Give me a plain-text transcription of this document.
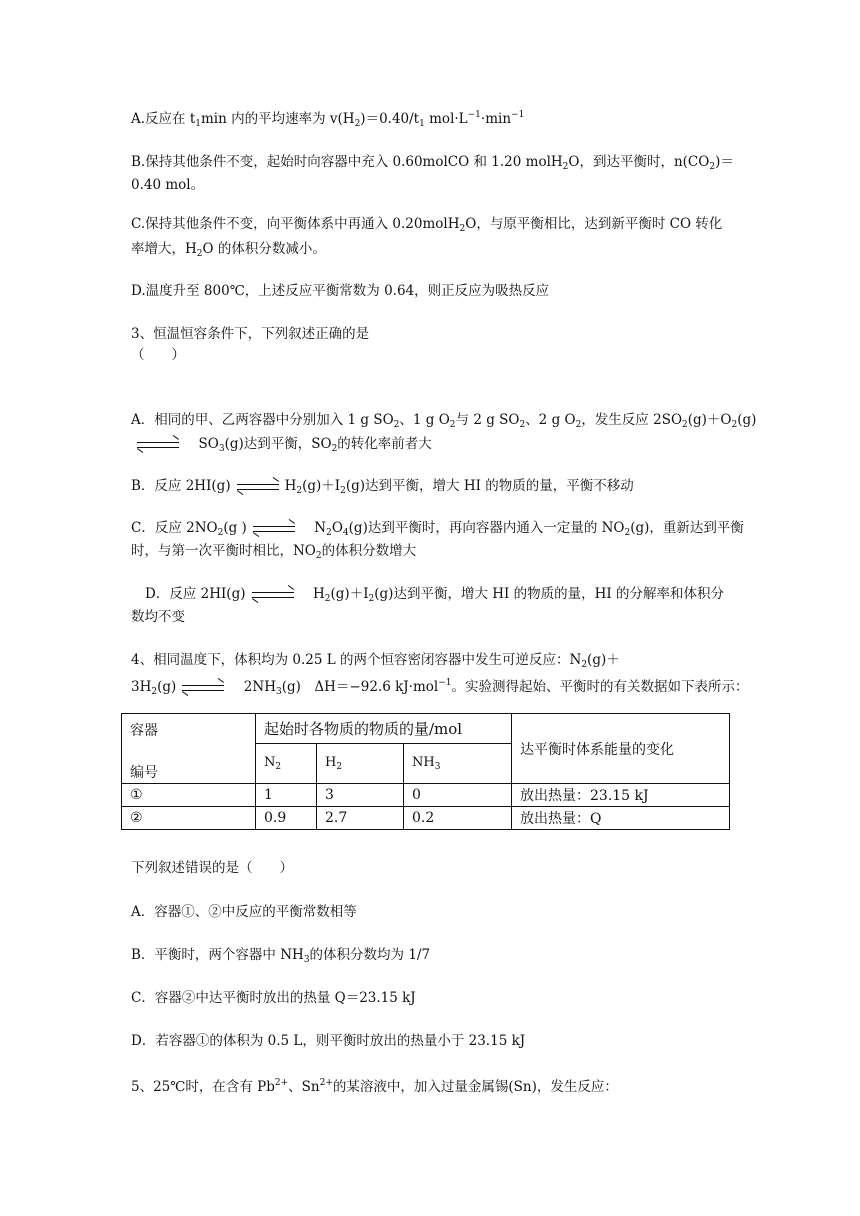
A.反应在 $t_1\min$ 内的平均速率为 $v(H_2)=0.40/t_1$ $mol\cdot L^{-1}\cdot\min^{-1}$
B.保持其他条件不变，起始时向容器中充入 0.60molCO 和 1.20 molH$_2$O，到达平衡时，$n(CO_2)=$
0.40 mol。
C.保持其他条件不变，向平衡体系中再通入 0.20molH$_2$O，与原平衡相比，达到新平衡时 CO 转化
率增大，$H_2O$ 的体积分数减小。
D.温度升至 800℃，上述反应平衡常数为 0.64，则正反应为吸热反应
3、恒温恒容条件下，下列叙述正确的是
（　　）
A．相同的甲、乙两容器中分别加入 1 g $SO_2$、1 g $O_2$与 2 g $SO_2$、2 g $O_2$，发生反应 $2SO_2(g)+O_2(g)$
　$SO_3(g)$达到平衡，$SO_2$的转化率前者大
B．反应 2HI(g)	$H_2(g)+I_2(g)$达到平衡，增大 HI 的物质的量，平衡不移动
C．反应 $2NO_2(g$ )	　$N_2O_4(g)$达到平衡时，再向容器内通入一定量的 $NO_2(g)$，重新达到平衡
时，与第一次平衡时相比，$NO_2$的体积分数增大
D．反应 2HI(g)	　$H_2(g)+I_2(g)$达到平衡，增大 HI 的物质的量，HI 的分解率和体积分
数均不变
4、相同温度下，体积均为 0.25 L 的两个恒容密闭容器中发生可逆反应：$N_2(g)+$
$3H_2(g)$	　$2NH_3(g)$　ΔH＝−92.6 kJ·mol$^{-1}$。实验测得起始、平衡时的有关数据如下表所示：
下列叙述错误的是（　　）
A．容器①、②中反应的平衡常数相等
B．平衡时，两个容器中 $NH_3$的体积分数均为 1/7
C．容器②中达平衡时放出的热量 Q＝23.15 kJ
D．若容器①的体积为 0.5 L，则平衡时放出的热量小于 23.15 kJ
5、25℃时，在含有 $Pb^{2+}$、$Sn^{2+}$的某溶液中，加入过量金属锡(Sn)，发生反应：
容器
编号	起始时各物质的物质的量/mol			达平衡时体系能量的变化
	$N_2$	$H_2$	$NH_3$
①	1	3	0	放出热量：23.15 kJ
②	0.9	2.7	0.2	放出热量：Q
